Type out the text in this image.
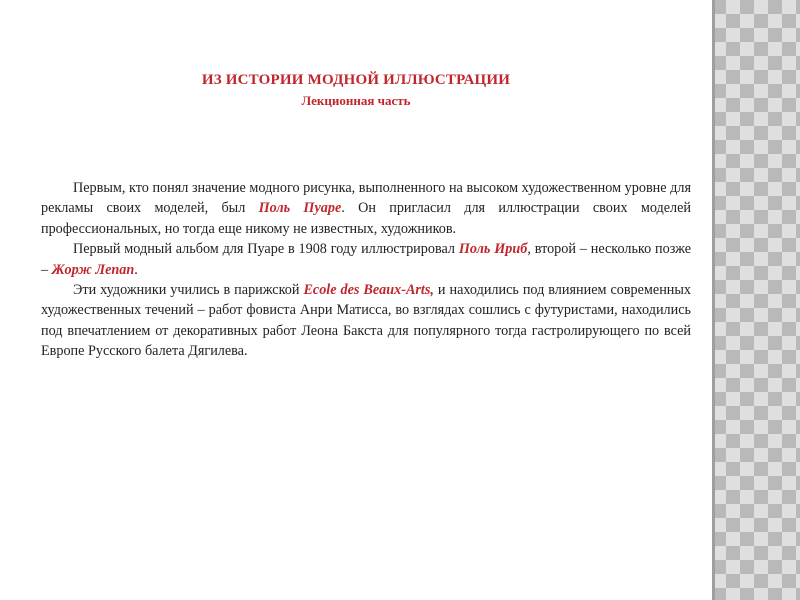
ИЗ ИСТОРИИ МОДНОЙ ИЛЛЮСТРАЦИИ
Лекционная часть

Первым, кто понял значение модного рисунка, выполненного на высоком художественном уровне для рекламы своих моделей, был Поль Пуаре. Он пригласил для иллюстрации своих моделей профессиональных, но тогда еще никому не известных, художников.

Первый модный альбом для Пуаре в 1908 году иллюстрировал Поль Ириб, второй – несколько позже – Жорж Лепап.

Эти художники учились в парижской Ecole des Beaux-Arts, и находились под влиянием современных художественных течений – работ фовиста Анри Матисса, во взглядах сошлись с футуристами, находились под впечатлением от декоративных работ Леона Бакста для популярного тогда гастролирующего по всей Европе Русского балета Дягилева.
